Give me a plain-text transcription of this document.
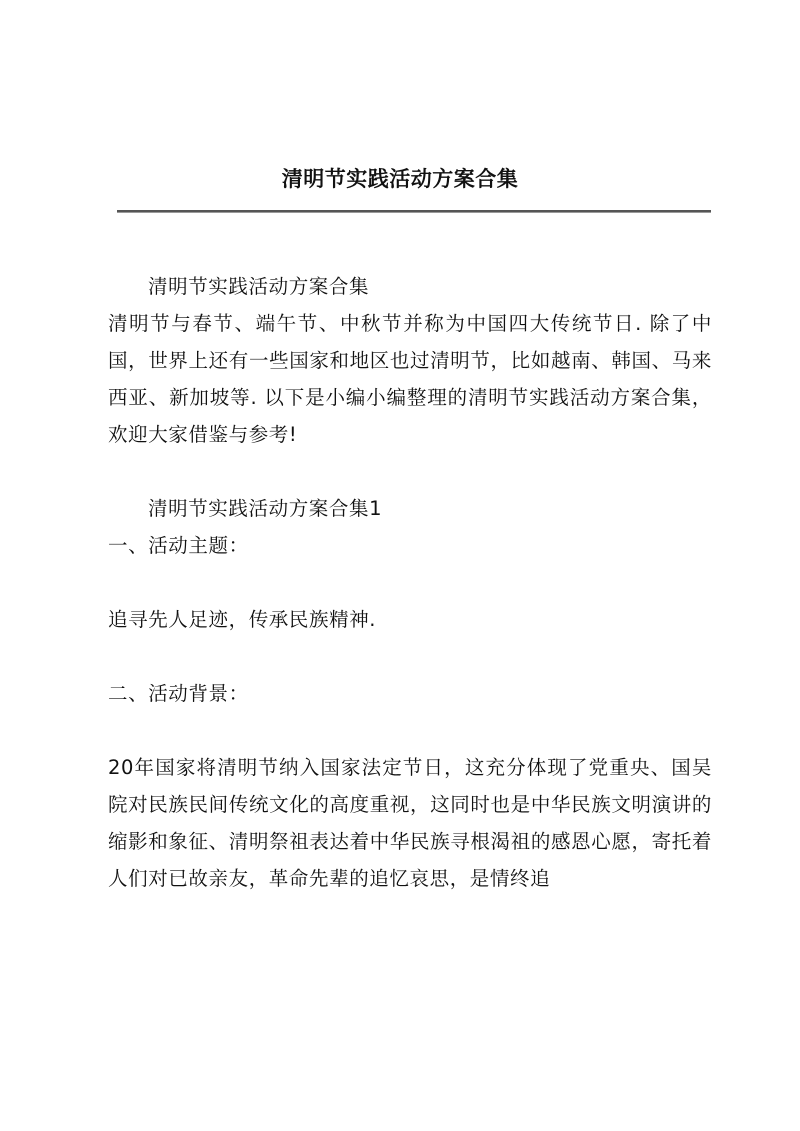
清明节实践活动方案合集

清明节实践活动方案合集

清明节与春节、端午节、中秋节并称为中国四大传统节日. 除了中国，世界上还有一些国家和地区也过清明节，比如越南、韩国、马来西亚、新加坡等. 以下是小编小编整理的清明节实践活动方案合集，欢迎大家借鉴与参考!

清明节实践活动方案合集1

一、活动主题：

追寻先人足迹，传承民族精神.

二、活动背景：

20年国家将清明节纳入国家法定节日，这充分体现了党重央、国吴院对民族民间传统文化的高度重视，这同时也是中华民族文明演讲的缩影和象征、清明祭祖表达着中华民族寻根渴祖的感恩心愿，寄托着人们对已故亲友，革命先辈的追忆哀思，是情终追
